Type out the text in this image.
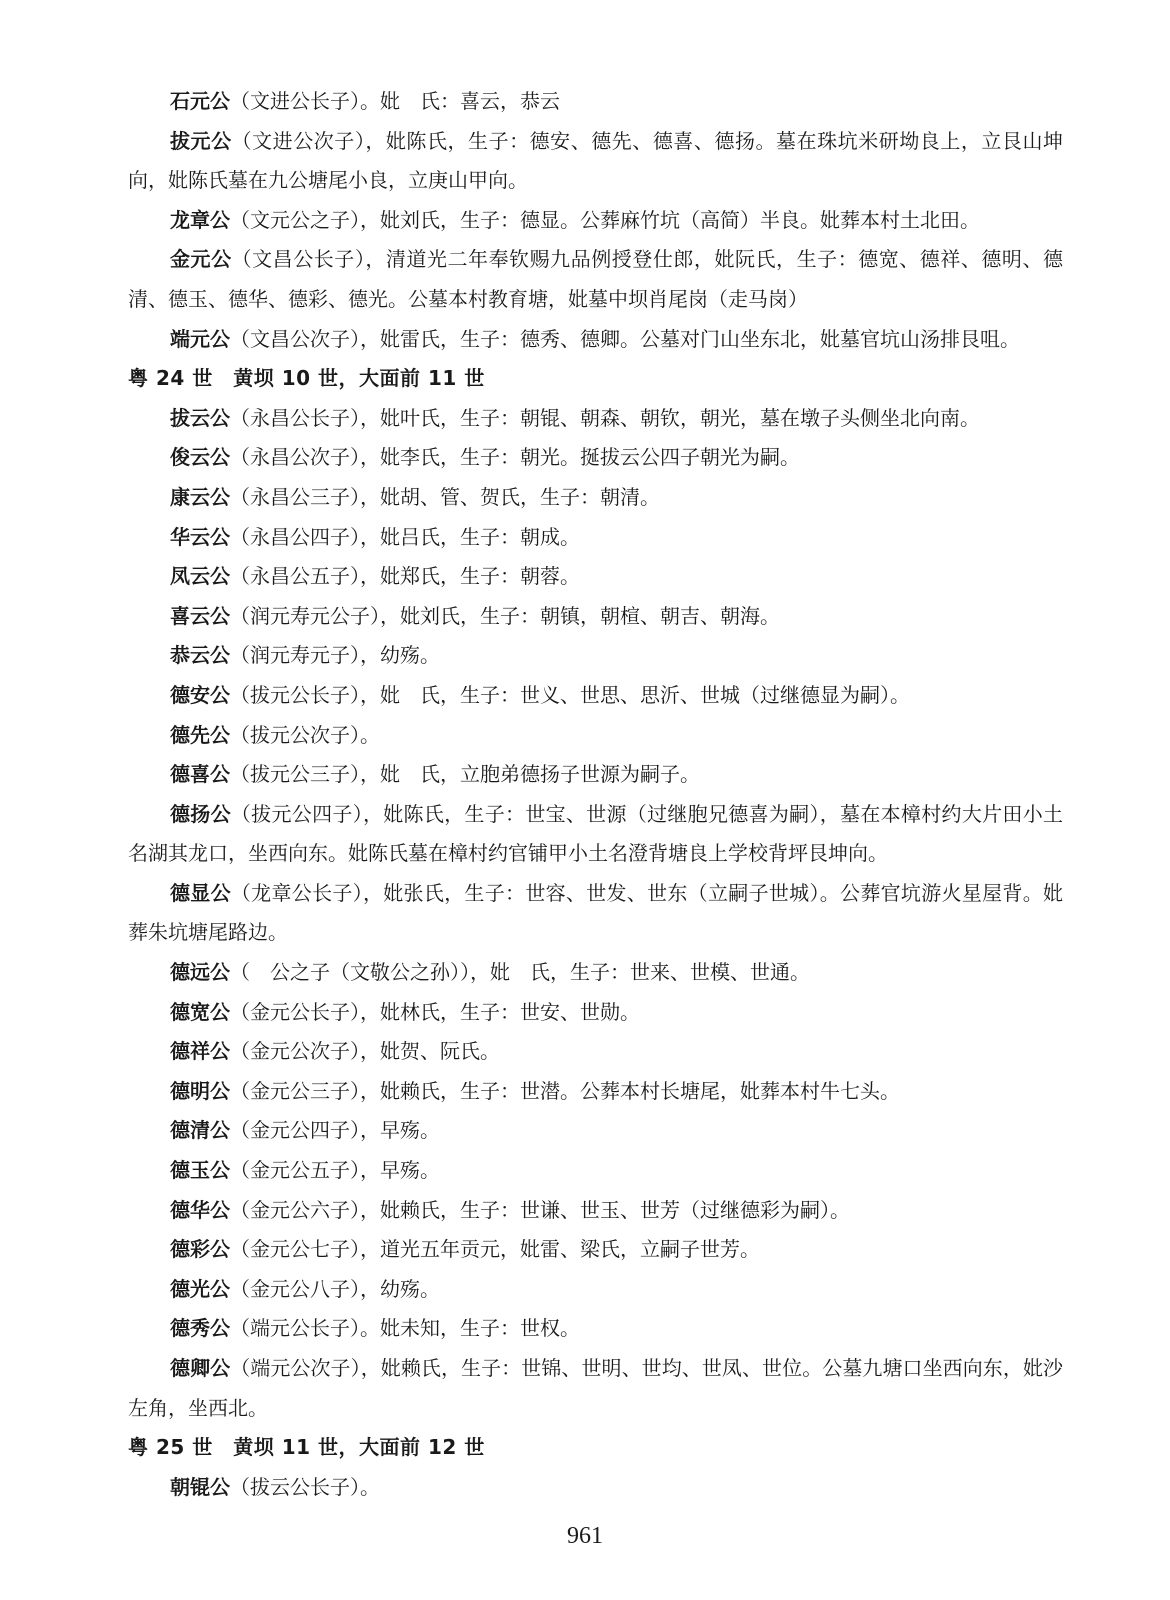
石元公（文进公长子）。妣　氏：喜云，恭云

拔元公（文进公次子），妣陈氏，生子：德安、德先、德喜、德扬。墓在珠坑米研坳良上，立艮山坤向，妣陈氏墓在九公塘尾小良，立庚山甲向。

龙章公（文元公之子），妣刘氏，生子：德显。公葬麻竹坑（高简）半良。妣葬本村土北田。

金元公（文昌公长子），清道光二年奉钦赐九品例授登仕郎，妣阮氏，生子：德宽、德祥、德明、德清、德玉、德华、德彩、德光。公墓本村教育塘，妣墓中坝肖尾岗（走马岗）

端元公（文昌公次子），妣雷氏，生子：德秀、德卿。公墓对门山坐东北，妣墓官坑山汤排艮咀。

粤 24 世　黄坝 10 世，大面前 11 世

拔云公（永昌公长子），妣叶氏，生子：朝锟、朝森、朝钦，朝光，墓在墩子头侧坐北向南。

俊云公（永昌公次子），妣李氏，生子：朝光。挻拔云公四子朝光为嗣。

康云公（永昌公三子），妣胡、管、贺氏，生子：朝清。

华云公（永昌公四子），妣吕氏，生子：朝成。

凤云公（永昌公五子），妣郑氏，生子：朝蓉。

喜云公（润元寿元公子），妣刘氏，生子：朝镇，朝楦、朝吉、朝海。

恭云公（润元寿元子），幼殇。

德安公（拔元公长子），妣　氏，生子：世义、世思、思沂、世城（过继德显为嗣）。

德先公（拔元公次子）。

德喜公（拔元公三子），妣　氏，立胞弟德扬子世源为嗣子。

德扬公（拔元公四子），妣陈氏，生子：世宝、世源（过继胞兄德喜为嗣），墓在本樟村约大片田小土名湖其龙口，坐西向东。妣陈氏墓在樟村约官铺甲小土名澄背塘良上学校背坪艮坤向。

德显公（龙章公长子），妣张氏，生子：世容、世发、世东（立嗣子世城）。公葬官坑游火星屋背。妣葬朱坑塘尾路边。

德远公（　公之子（文敬公之孙）），妣　氏，生子：世来、世模、世通。

德宽公（金元公长子），妣林氏，生子：世安、世勋。

德祥公（金元公次子），妣贺、阮氏。

德明公（金元公三子），妣赖氏，生子：世潜。公葬本村长塘尾，妣葬本村牛七头。

德清公（金元公四子），早殇。

德玉公（金元公五子），早殇。

德华公（金元公六子），妣赖氏，生子：世谦、世玉、世芳（过继德彩为嗣）。

德彩公（金元公七子），道光五年贡元，妣雷、梁氏，立嗣子世芳。

德光公（金元公八子），幼殇。

德秀公（端元公长子）。妣未知，生子：世权。

德卿公（端元公次子），妣赖氏，生子：世锦、世明、世均、世凤、世位。公墓九塘口坐西向东，妣沙左角，坐西北。

粤 25 世　黄坝 11 世，大面前 12 世

朝锟公（拔云公长子）。

961
